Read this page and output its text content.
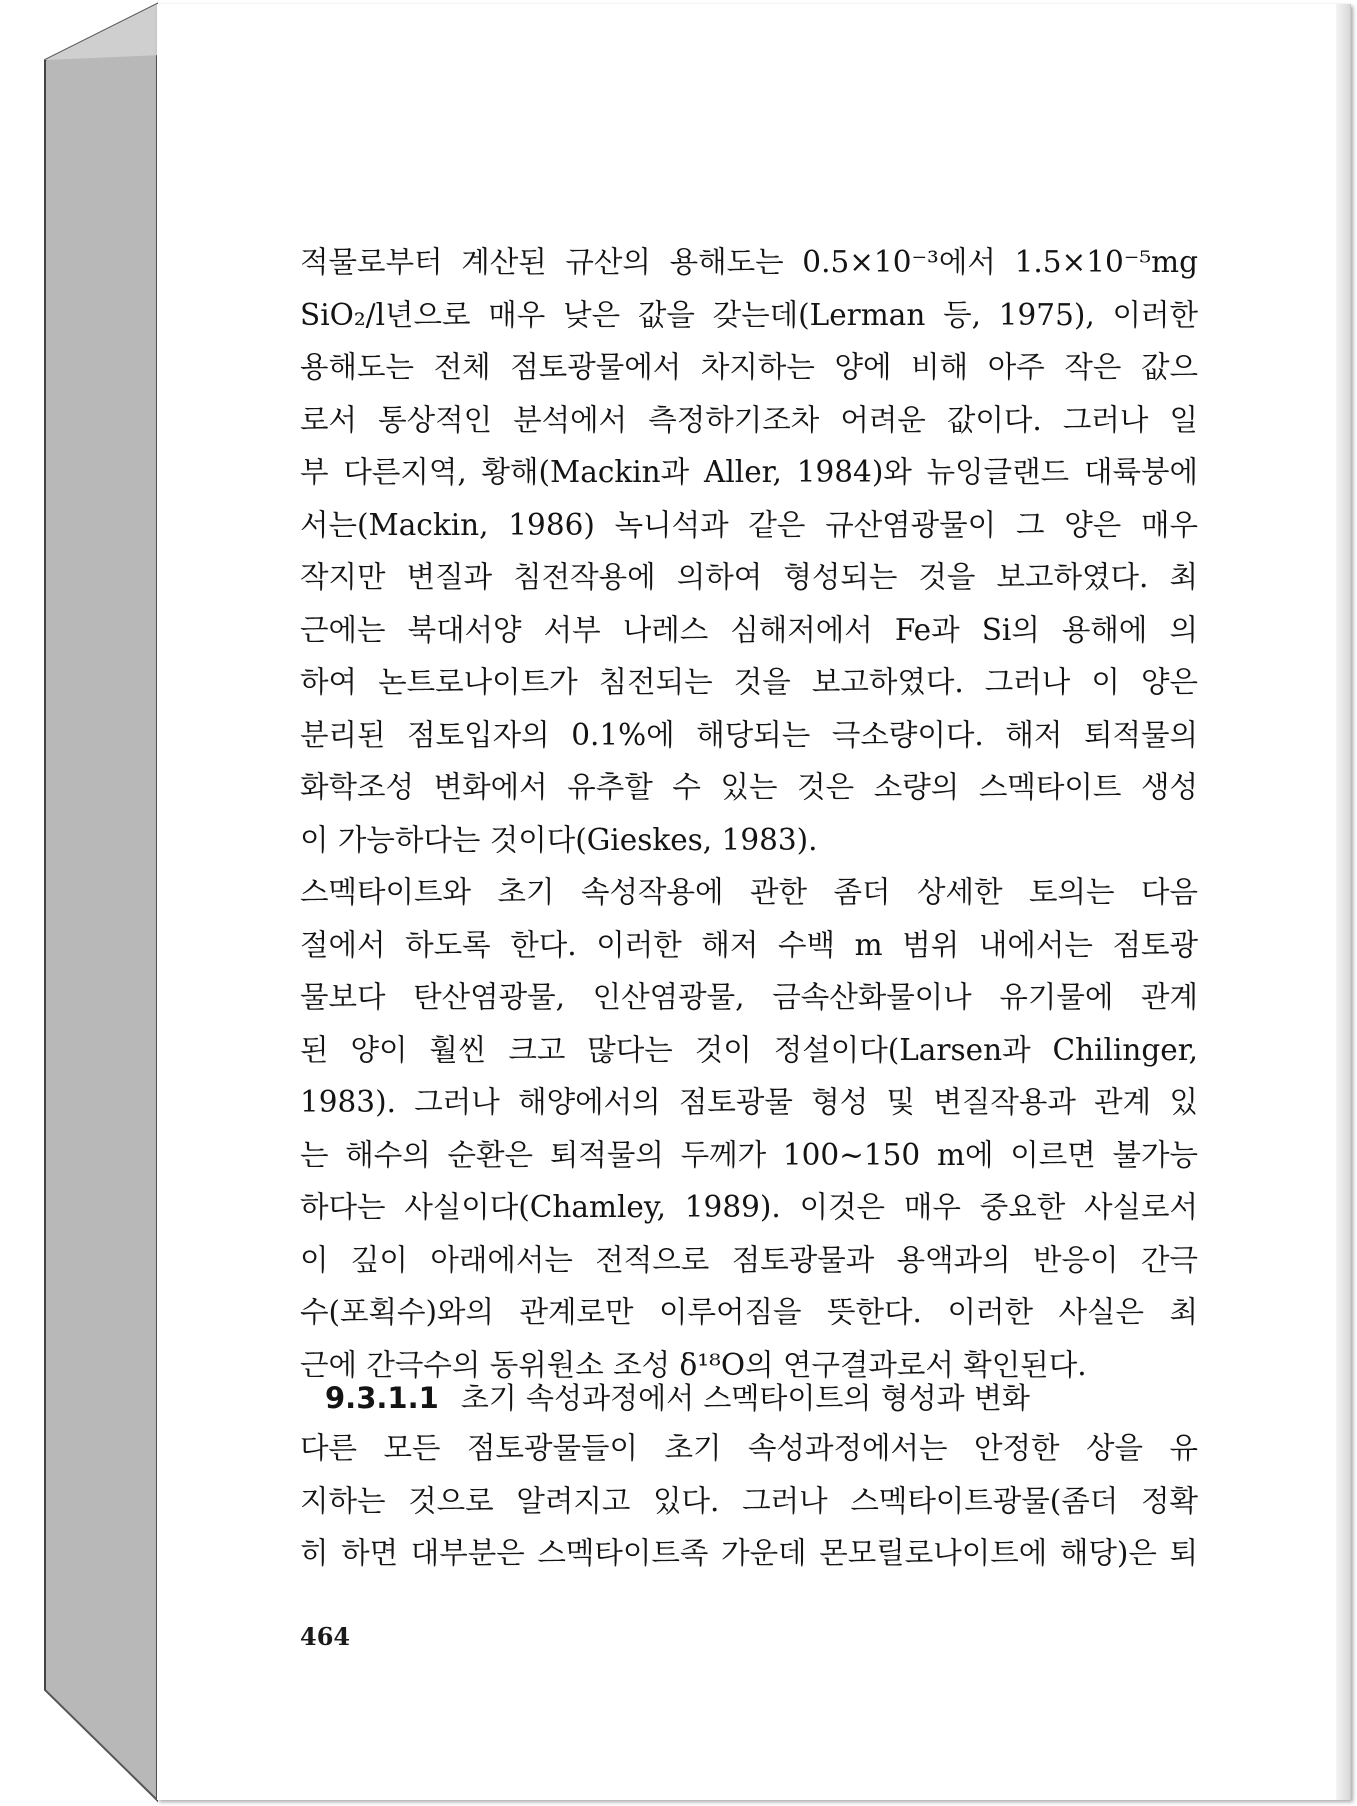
적물로부터 계산된 규산의 용해도는 0.5×10⁻³에서 1.5×10⁻⁵mg
SiO₂/l년으로 매우 낮은 값을 갖는데(Lerman 등, 1975), 이러한
용해도는 전체 점토광물에서 차지하는 양에 비해 아주 작은 값으
로서 통상적인 분석에서 측정하기조차 어려운 값이다. 그러나 일
부 다른지역, 황해(Mackin과 Aller, 1984)와 뉴잉글랜드 대륙붕에
서는(Mackin, 1986) 녹니석과 같은 규산염광물이 그 양은 매우
작지만 변질과 침전작용에 의하여 형성되는 것을 보고하였다. 최
근에는 북대서양 서부 나레스 심해저에서 Fe과 Si의 용해에 의
하여 논트로나이트가 침전되는 것을 보고하였다. 그러나 이 양은
분리된 점토입자의 0.1%에 해당되는 극소량이다. 해저 퇴적물의
화학조성 변화에서 유추할 수 있는 것은 소량의 스멕타이트 생성
이 가능하다는 것이다(Gieskes, 1983).
스멕타이트와 초기 속성작용에 관한 좀더 상세한 토의는 다음
절에서 하도록 한다. 이러한 해저 수백 m 범위 내에서는 점토광
물보다 탄산염광물, 인산염광물, 금속산화물이나 유기물에 관계
된 양이 훨씬 크고 많다는 것이 정설이다(Larsen과 Chilinger,
1983). 그러나 해양에서의 점토광물 형성 및 변질작용과 관계 있
는 해수의 순환은 퇴적물의 두께가 100~150 m에 이르면 불가능
하다는 사실이다(Chamley, 1989). 이것은 매우 중요한 사실로서
이 깊이 아래에서는 전적으로 점토광물과 용액과의 반응이 간극
수(포획수)와의 관계로만 이루어짐을 뜻한다. 이러한 사실은 최
근에 간극수의 동위원소 조성 δ¹⁸O의 연구결과로서 확인된다.
9.3.1.1 초기 속성과정에서 스멕타이트의 형성과 변화
다른 모든 점토광물들이 초기 속성과정에서는 안정한 상을 유
지하는 것으로 알려지고 있다. 그러나 스멕타이트광물(좀더 정확
히 하면 대부분은 스멕타이트족 가운데 몬모릴로나이트에 해당)은 퇴
464
